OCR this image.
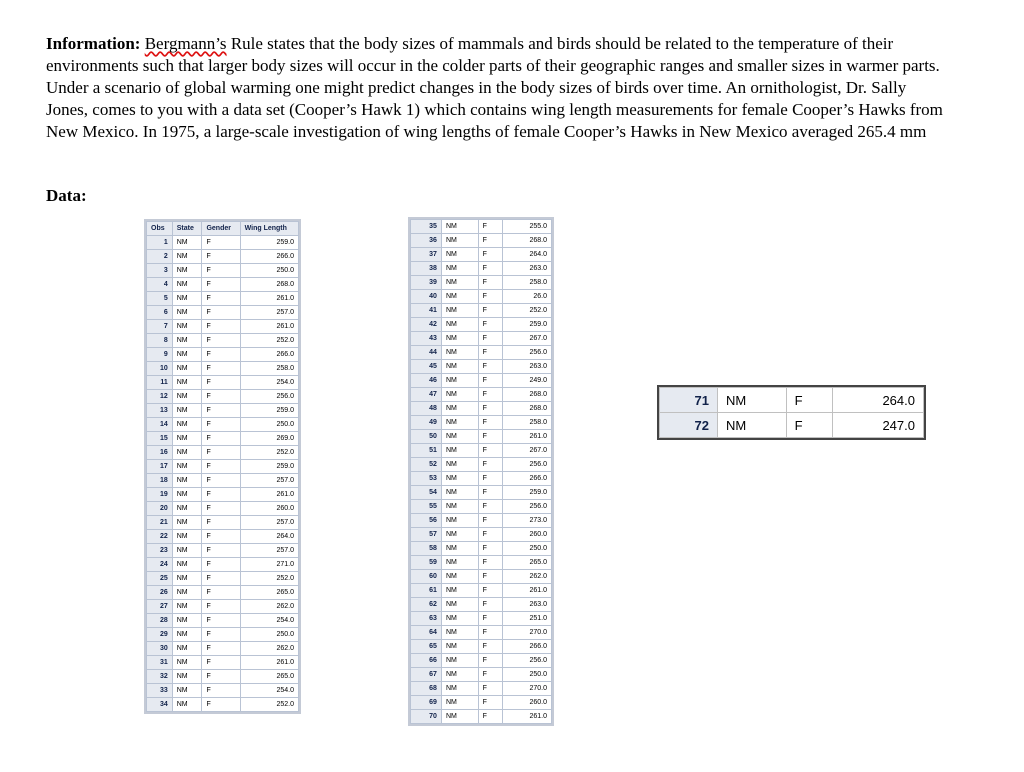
Information: Bergmann’s Rule states that the body sizes of mammals and birds should be related to the temperature of their environments such that larger body sizes will occur in the colder parts of their geographic ranges and smaller sizes in warmer parts. Under a scenario of global warming one might predict changes in the body sizes of birds over time. An ornithologist, Dr. Sally Jones, comes to you with a data set (Cooper’s Hawk 1) which contains wing length measurements for female Cooper’s Hawks from New Mexico. In 1975, a large-scale investigation of wing lengths of female Cooper’s Hawks in New Mexico averaged 265.4 mm

Data:

Obs	State	Gender	Wing Length
1	NM	F	259.0
2	NM	F	266.0
3	NM	F	250.0
4	NM	F	268.0
5	NM	F	261.0
6	NM	F	257.0
7	NM	F	261.0
8	NM	F	252.0
9	NM	F	266.0
10	NM	F	258.0
11	NM	F	254.0
12	NM	F	256.0
13	NM	F	259.0
14	NM	F	250.0
15	NM	F	269.0
16	NM	F	252.0
17	NM	F	259.0
18	NM	F	257.0
19	NM	F	261.0
20	NM	F	260.0
21	NM	F	257.0
22	NM	F	264.0
23	NM	F	257.0
24	NM	F	271.0
25	NM	F	252.0
26	NM	F	265.0
27	NM	F	262.0
28	NM	F	254.0
29	NM	F	250.0
30	NM	F	262.0
31	NM	F	261.0
32	NM	F	265.0
33	NM	F	254.0
34	NM	F	252.0
35	NM	F	255.0
36	NM	F	268.0
37	NM	F	264.0
38	NM	F	263.0
39	NM	F	258.0
40	NM	F	26.0
41	NM	F	252.0
42	NM	F	259.0
43	NM	F	267.0
44	NM	F	256.0
45	NM	F	263.0
46	NM	F	249.0
47	NM	F	268.0
48	NM	F	268.0
49	NM	F	258.0
50	NM	F	261.0
51	NM	F	267.0
52	NM	F	256.0
53	NM	F	266.0
54	NM	F	259.0
55	NM	F	256.0
56	NM	F	273.0
57	NM	F	260.0
58	NM	F	250.0
59	NM	F	265.0
60	NM	F	262.0
61	NM	F	261.0
62	NM	F	263.0
63	NM	F	251.0
64	NM	F	270.0
65	NM	F	266.0
66	NM	F	256.0
67	NM	F	250.0
68	NM	F	270.0
69	NM	F	260.0
70	NM	F	261.0
71	NM	F	264.0
72	NM	F	247.0
